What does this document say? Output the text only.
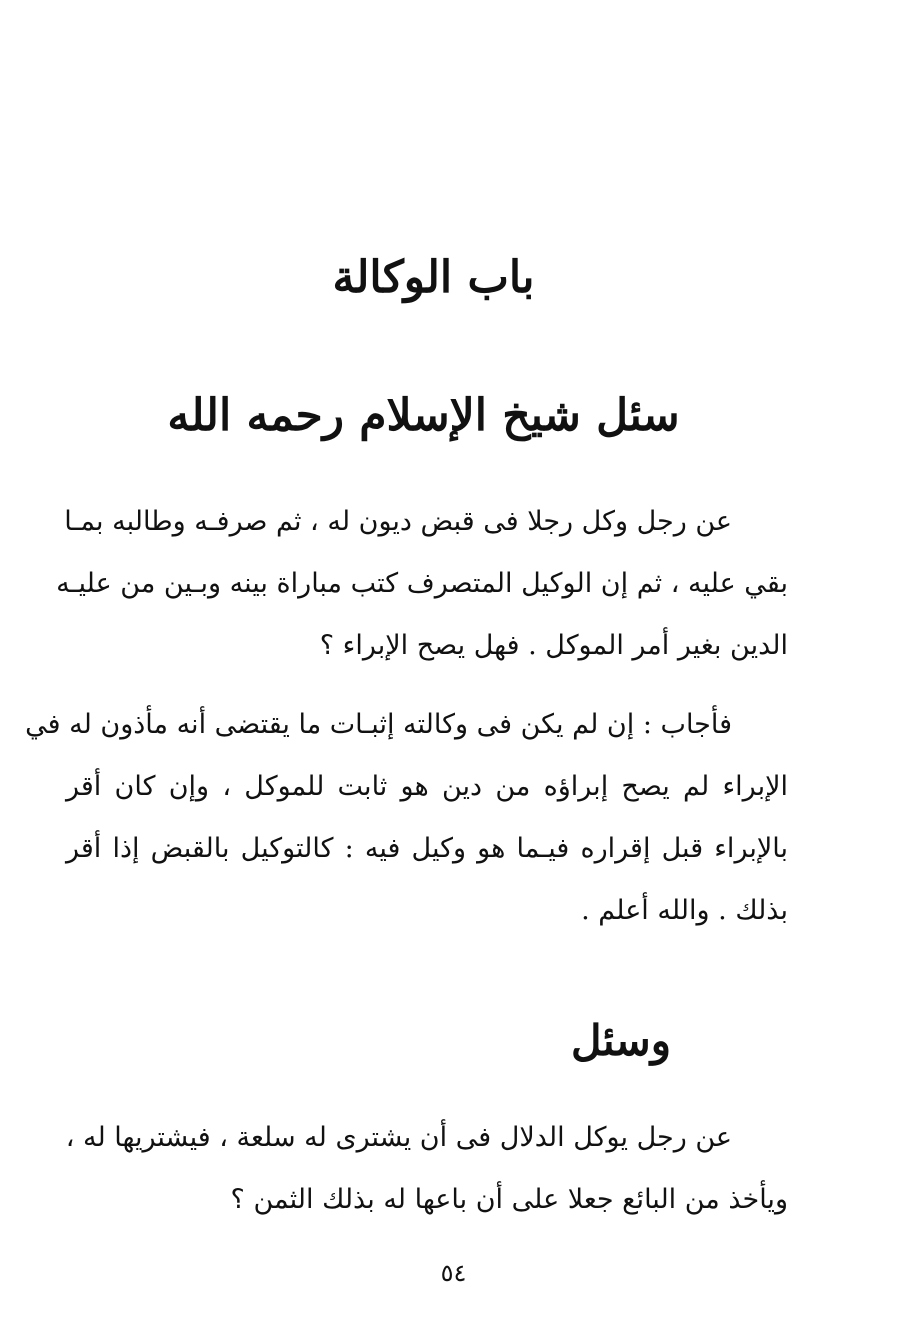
باب الوكالة
سئل شيخ الإسلام رحمه الله
عن رجل وكل رجلا فى قبض ديون له ، ثم صرفـه وطالبه بمـا
بقي عليه ، ثم إن الوكيل المتصرف كتب مباراة بينه وبـين من عليـه
الدين بغير أمر الموكل . فهل يصح الإبراء ؟
فأجاب : إن لم يكن فى وكالته إثبـات ما يقتضى أنه مأذون له في
الإبراء لم يصح إبراؤه من دين هو ثابت للموكل ، وإن كان أقر
بالإبراء قبل إقراره فيـما هو وكيل فيه : كالتوكيل بالقبض إذا أقر
بذلك . والله أعلم .
وسئل
عن رجل يوكل الدلال فى أن يشترى له سلعة ، فيشتريها له ،
ويأخذ من البائع جعلا على أن باعها له بذلك الثمن ؟
٥٤
